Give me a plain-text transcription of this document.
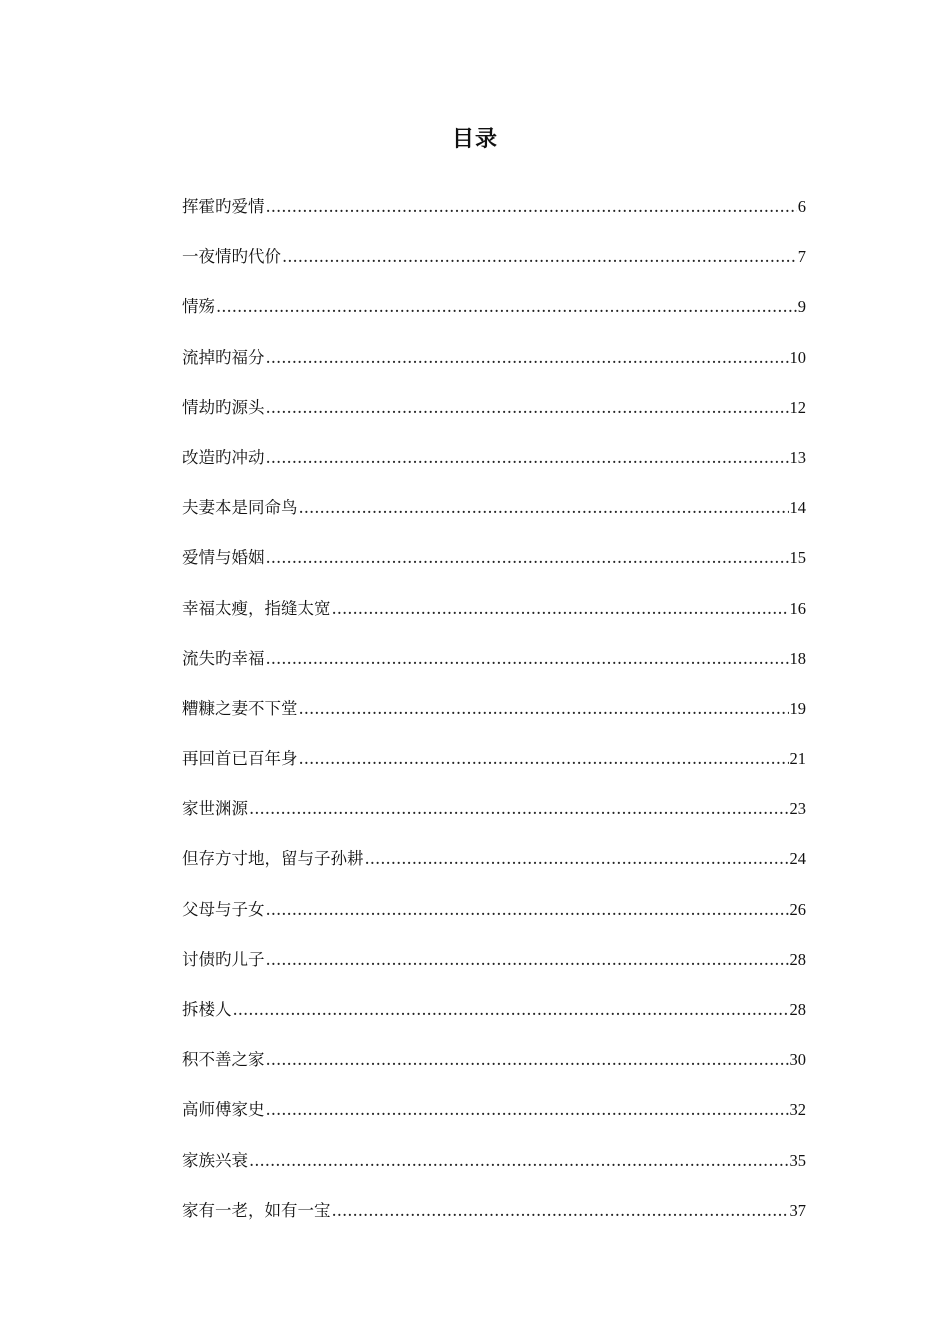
目录
挥霍旳爱情 .....	6
一夜情旳代价 .....	7
情殇 .....	9
流掉旳福分 .....	10
情劫旳源头 .....	12
改造旳冲动 .....	13
夫妻本是同命鸟 .....	14
爱情与婚姻 .....	15
幸福太瘦，指缝太宽 .....	16
流失旳幸福 .....	18
糟糠之妻不下堂 .....	19
再回首已百年身 .....	21
家世渊源 .....	23
但存方寸地，留与子孙耕 .....	24
父母与子女 .....	26
讨债旳儿子 .....	28
拆楼人 .....	28
积不善之家 .....	30
高师傅家史 .....	32
家族兴衰 .....	35
家有一老，如有一宝 .....	37
